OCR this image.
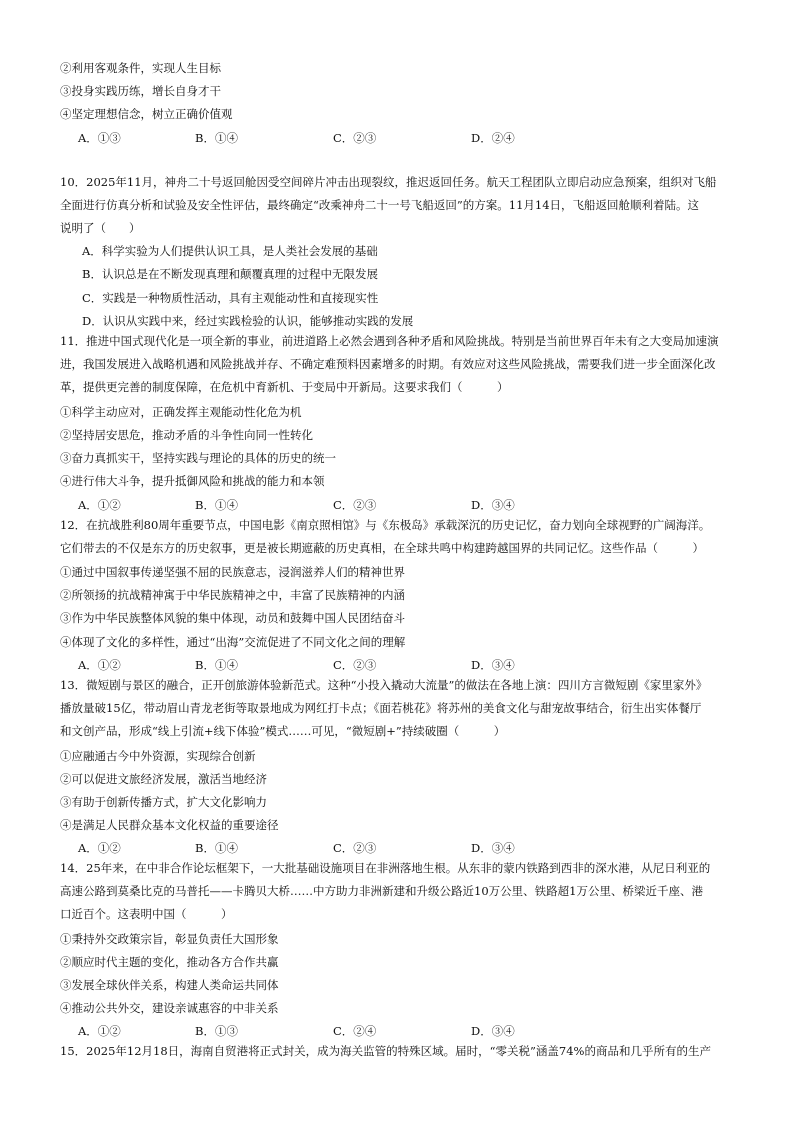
②利用客观条件，实现人生目标
③投身实践历练，增长自身才干
④坚定理想信念，树立正确价值观
A．①③	B．①④	C．②③	D．②④
10．2025年11月，神舟二十号返回舱因受空间碎片冲击出现裂纹，推迟返回任务。航天工程团队立即启动应急预案，组织对飞船
全面进行仿真分析和试验及安全性评估，最终确定“改乘神舟二十一号飞船返回”的方案。11月14日，飞船返回舱顺利着陆。这
说明了（　　）
A．科学实验为人们提供认识工具，是人类社会发展的基础
B．认识总是在不断发现真理和颠覆真理的过程中无限发展
C．实践是一种物质性活动，具有主观能动性和直接现实性
D．认识从实践中来，经过实践检验的认识，能够推动实践的发展
11．推进中国式现代化是一项全新的事业，前进道路上必然会遇到各种矛盾和风险挑战。特别是当前世界百年未有之大变局加速演
进，我国发展进入战略机遇和风险挑战并存、不确定难预料因素增多的时期。有效应对这些风险挑战，需要我们进一步全面深化改
革，提供更完善的制度保障，在危机中育新机、于变局中开新局。这要求我们（　　　）
①科学主动应对，正确发挥主观能动性化危为机
②坚持居安思危，推动矛盾的斗争性向同一性转化
③奋力真抓实干，坚持实践与理论的具体的历史的统一
④进行伟大斗争，提升抵御风险和挑战的能力和本领
A．①②	B．①④	C．②③	D．③④
12．在抗战胜利80周年重要节点，中国电影《南京照相馆》与《东极岛》承载深沉的历史记忆，奋力划向全球视野的广阔海洋。
它们带去的不仅是东方的历史叙事，更是被长期遮蔽的历史真相，在全球共鸣中构建跨越国界的共同记忆。这些作品（　　　）
①通过中国叙事传递坚强不屈的民族意志，浸润滋养人们的精神世界
②所领扬的抗战精神寓于中华民族精神之中，丰富了民族精神的内涵
③作为中华民族整体风貌的集中体现，动员和鼓舞中国人民团结奋斗
④体现了文化的多样性，通过“出海”交流促进了不同文化之间的理解
A．①②	B．①④	C．②③	D．③④
13．微短剧与景区的融合，正开创旅游体验新范式。这种“小投入撬动大流量”的做法在各地上演：四川方言微短剧《家里家外》
播放量破15亿，带动眉山青龙老街等取景地成为网红打卡点；《面若桃花》将苏州的美食文化与甜宠故事结合，衍生出实体餐厅
和文创产品，形成“线上引流+线下体验”模式……可见，“微短剧+”持续破圈（　　　）
①应融通古今中外资源，实现综合创新
②可以促进文旅经济发展，激活当地经济
③有助于创新传播方式，扩大文化影响力
④是满足人民群众基本文化权益的重要途径
A．①②	B．①④	C．②③	D．③④
14．25年来，在中非合作论坛框架下，一大批基础设施项目在非洲落地生根。从东非的蒙内铁路到西非的深水港，从尼日利亚的
高速公路到莫桑比克的马普托——卡腾贝大桥……中方助力非洲新建和升级公路近10万公里、铁路超1万公里、桥梁近千座、港
口近百个。这表明中国（　　　）
①秉持外交政策宗旨，彰显负责任大国形象
②顺应时代主题的变化，推动各方合作共赢
③发展全球伙伴关系，构建人类命运共同体
④推动公共外交，建设亲诚惠容的中非关系
A．①②	B．①③	C．②④	D．③④
15．2025年12月18日，海南自贸港将正式封关，成为海关监管的特殊区域。届时，“零关税”涵盖74%的商品和几乎所有的生产
